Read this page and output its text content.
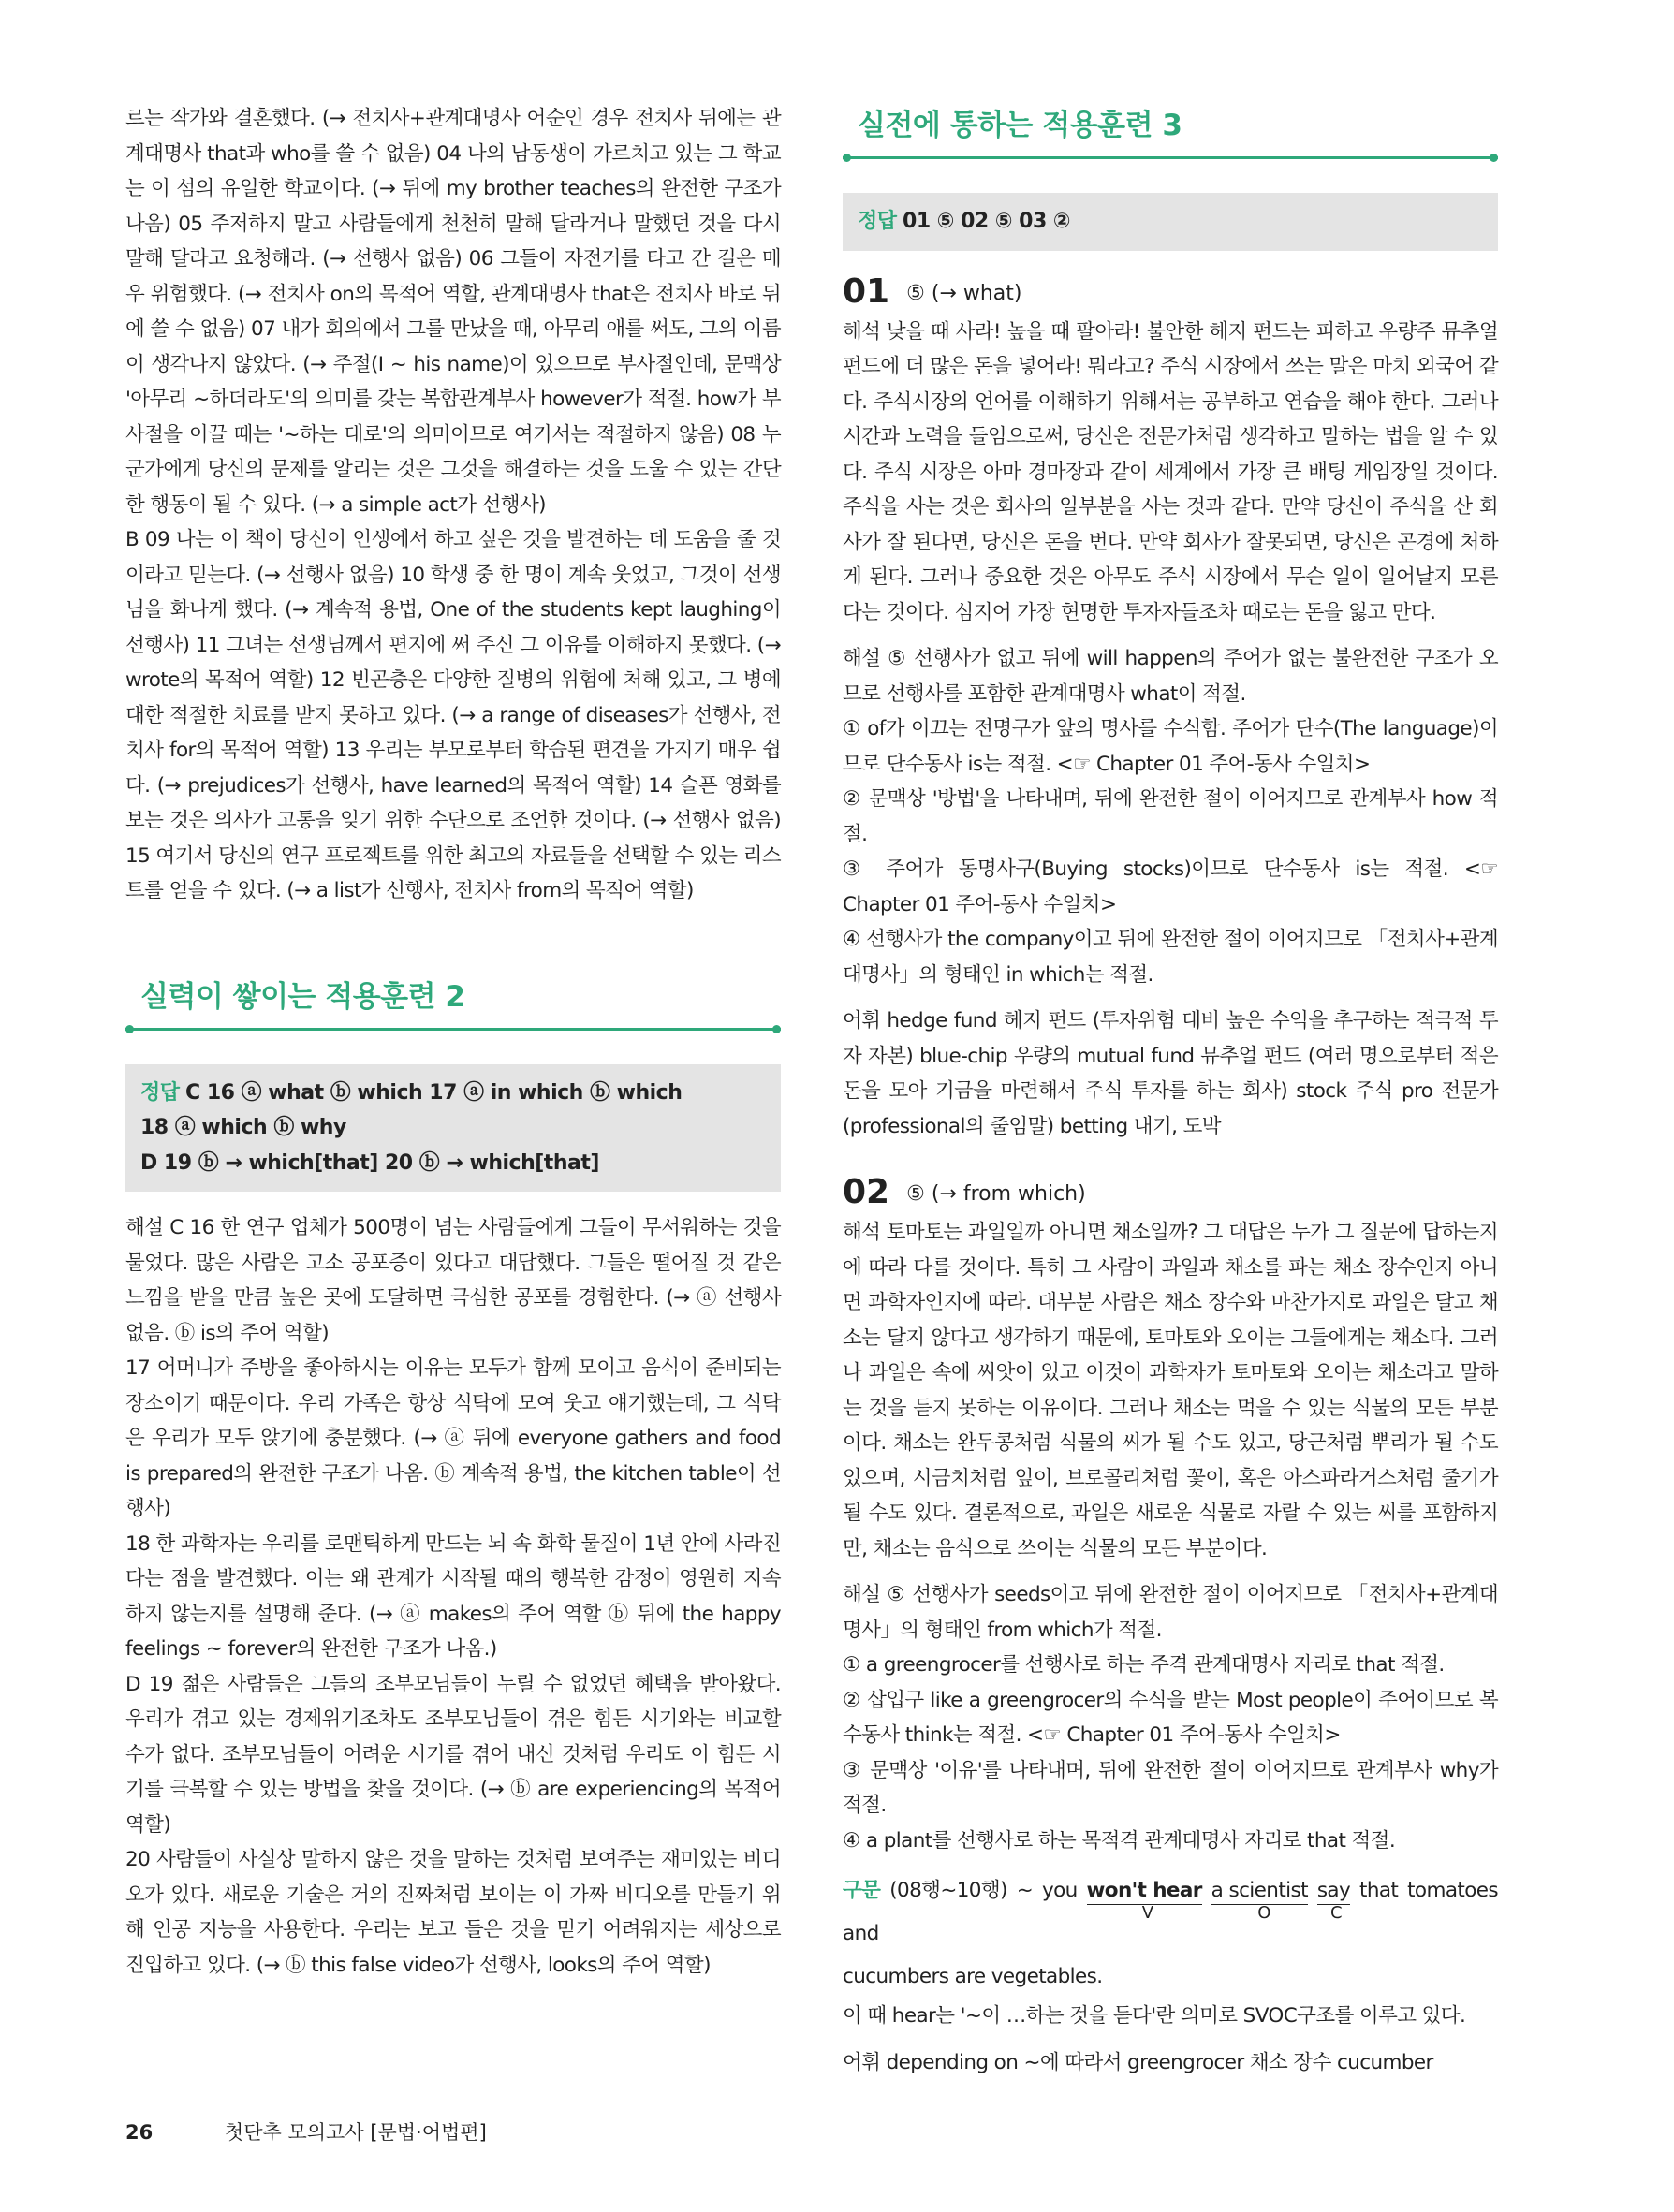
르는 작가와 결혼했다. (→ 전치사+관계대명사 어순인 경우 전치사 뒤에는 관계대명사 that과 who를 쓸 수 없음) 04 나의 남동생이 가르치고 있는 그 학교는 이 섬의 유일한 학교이다. (→ 뒤에 my brother teaches의 완전한 구조가 나옴) 05 주저하지 말고 사람들에게 천천히 말해 달라거나 말했던 것을 다시 말해 달라고 요청해라. (→ 선행사 없음) 06 그들이 자전거를 타고 간 길은 매우 위험했다. (→ 전치사 on의 목적어 역할, 관계대명사 that은 전치사 바로 뒤에 쓸 수 없음) 07 내가 회의에서 그를 만났을 때, 아무리 애를 써도, 그의 이름이 생각나지 않았다. (→ 주절(I ~ his name)이 있으므로 부사절인데, 문맥상 '아무리 ~하더라도'의 의미를 갖는 복합관계부사 however가 적절. how가 부사절을 이끌 때는 '~하는 대로'의 의미이므로 여기서는 적절하지 않음) 08 누군가에게 당신의 문제를 알리는 것은 그것을 해결하는 것을 도울 수 있는 간단한 행동이 될 수 있다. (→ a simple act가 선행사)

B 09 나는 이 책이 당신이 인생에서 하고 싶은 것을 발견하는 데 도움을 줄 것이라고 믿는다. (→ 선행사 없음) 10 학생 중 한 명이 계속 웃었고, 그것이 선생님을 화나게 했다. (→ 계속적 용법, One of the students kept laughing이 선행사) 11 그녀는 선생님께서 편지에 써 주신 그 이유를 이해하지 못했다. (→ wrote의 목적어 역할) 12 빈곤층은 다양한 질병의 위험에 처해 있고, 그 병에 대한 적절한 치료를 받지 못하고 있다. (→ a range of diseases가 선행사, 전치사 for의 목적어 역할) 13 우리는 부모로부터 학습된 편견을 가지기 매우 쉽다. (→ prejudices가 선행사, have learned의 목적어 역할) 14 슬픈 영화를 보는 것은 의사가 고통을 잊기 위한 수단으로 조언한 것이다. (→ 선행사 없음) 15 여기서 당신의 연구 프로젝트를 위한 최고의 자료들을 선택할 수 있는 리스트를 얻을 수 있다. (→ a list가 선행사, 전치사 from의 목적어 역할)

실력이 쌓이는 적용훈련 2
정답 C 16 ⓐ what ⓑ which 17 ⓐ in which ⓑ which
18 ⓐ which ⓑ why
D 19 ⓑ → which[that] 20 ⓑ → which[that]

해설 C 16 한 연구 업체가 500명이 넘는 사람들에게 그들이 무서워하는 것을 물었다. 많은 사람은 고소 공포증이 있다고 대답했다. 그들은 떨어질 것 같은 느낌을 받을 만큼 높은 곳에 도달하면 극심한 공포를 경험한다. (→ ⓐ 선행사 없음. ⓑ is의 주어 역할)

17 어머니가 주방을 좋아하시는 이유는 모두가 함께 모이고 음식이 준비되는 장소이기 때문이다. 우리 가족은 항상 식탁에 모여 웃고 얘기했는데, 그 식탁은 우리가 모두 앉기에 충분했다. (→ ⓐ 뒤에 everyone gathers and food is prepared의 완전한 구조가 나옴. ⓑ 계속적 용법, the kitchen table이 선행사)

18 한 과학자는 우리를 로맨틱하게 만드는 뇌 속 화학 물질이 1년 안에 사라진다는 점을 발견했다. 이는 왜 관계가 시작될 때의 행복한 감정이 영원히 지속하지 않는지를 설명해 준다. (→ ⓐ makes의 주어 역할 ⓑ 뒤에 the happy feelings ~ forever의 완전한 구조가 나옴.)

D 19 젊은 사람들은 그들의 조부모님들이 누릴 수 없었던 혜택을 받아왔다. 우리가 겪고 있는 경제위기조차도 조부모님들이 겪은 힘든 시기와는 비교할 수가 없다. 조부모님들이 어려운 시기를 겪어 내신 것처럼 우리도 이 힘든 시기를 극복할 수 있는 방법을 찾을 것이다. (→ ⓑ are experiencing의 목적어 역할)

20 사람들이 사실상 말하지 않은 것을 말하는 것처럼 보여주는 재미있는 비디오가 있다. 새로운 기술은 거의 진짜처럼 보이는 이 가짜 비디오를 만들기 위해 인공 지능을 사용한다. 우리는 보고 들은 것을 믿기 어려워지는 세상으로 진입하고 있다. (→ ⓑ this false video가 선행사, looks의 주어 역할)

실전에 통하는 적용훈련 3
정답 01 ⑤ 02 ⑤ 03 ②

01 ⑤ (→ what)

해석 낮을 때 사라! 높을 때 팔아라! 불안한 헤지 펀드는 피하고 우량주 뮤추얼 펀드에 더 많은 돈을 넣어라! 뭐라고? 주식 시장에서 쓰는 말은 마치 외국어 같다. 주식시장의 언어를 이해하기 위해서는 공부하고 연습을 해야 한다. 그러나 시간과 노력을 들임으로써, 당신은 전문가처럼 생각하고 말하는 법을 알 수 있다. 주식 시장은 아마 경마장과 같이 세계에서 가장 큰 배팅 게임장일 것이다. 주식을 사는 것은 회사의 일부분을 사는 것과 같다. 만약 당신이 주식을 산 회사가 잘 된다면, 당신은 돈을 번다. 만약 회사가 잘못되면, 당신은 곤경에 처하게 된다. 그러나 중요한 것은 아무도 주식 시장에서 무슨 일이 일어날지 모른다는 것이다. 심지어 가장 현명한 투자자들조차 때로는 돈을 잃고 만다.

해설 ⑤ 선행사가 없고 뒤에 will happen의 주어가 없는 불완전한 구조가 오므로 선행사를 포함한 관계대명사 what이 적절.

① of가 이끄는 전명구가 앞의 명사를 수식함. 주어가 단수(The language)이므로 단수동사 is는 적절. <☞ Chapter 01 주어-동사 수일치>

② 문맥상 '방법'을 나타내며, 뒤에 완전한 절이 이어지므로 관계부사 how 적절.

③ 주어가 동명사구(Buying stocks)이므로 단수동사 is는 적절. <☞ Chapter 01 주어-동사 수일치>

④ 선행사가 the company이고 뒤에 완전한 절이 이어지므로 「전치사+관계대명사」의 형태인 in which는 적절.

어휘 hedge fund 헤지 펀드 (투자위험 대비 높은 수익을 추구하는 적극적 투자 자본) blue-chip 우량의 mutual fund 뮤추얼 펀드 (여러 명으로부터 적은 돈을 모아 기금을 마련해서 주식 투자를 하는 회사) stock 주식 pro 전문가 (professional의 줄임말) betting 내기, 도박

02 ⑤ (→ from which)

해석 토마토는 과일일까 아니면 채소일까? 그 대답은 누가 그 질문에 답하는지에 따라 다를 것이다. 특히 그 사람이 과일과 채소를 파는 채소 장수인지 아니면 과학자인지에 따라. 대부분 사람은 채소 장수와 마찬가지로 과일은 달고 채소는 달지 않다고 생각하기 때문에, 토마토와 오이는 그들에게는 채소다. 그러나 과일은 속에 씨앗이 있고 이것이 과학자가 토마토와 오이는 채소라고 말하는 것을 듣지 못하는 이유이다. 그러나 채소는 먹을 수 있는 식물의 모든 부분이다. 채소는 완두콩처럼 식물의 씨가 될 수도 있고, 당근처럼 뿌리가 될 수도 있으며, 시금치처럼 잎이, 브로콜리처럼 꽃이, 혹은 아스파라거스처럼 줄기가 될 수도 있다. 결론적으로, 과일은 새로운 식물로 자랄 수 있는 씨를 포함하지만, 채소는 음식으로 쓰이는 식물의 모든 부분이다.

해설 ⑤ 선행사가 seeds이고 뒤에 완전한 절이 이어지므로 「전치사+관계대명사」의 형태인 from which가 적절.

① a greengrocer를 선행사로 하는 주격 관계대명사 자리로 that 적절.

② 삽입구 like a greengrocer의 수식을 받는 Most people이 주어이므로 복수동사 think는 적절. <☞ Chapter 01 주어-동사 수일치>

③ 문맥상 '이유'를 나타내며, 뒤에 완전한 절이 이어지므로 관계부사 why가 적절.

④ a plant를 선행사로 하는 목적격 관계대명사 자리로 that 적절.

구문 (08행~10행) ~ you won't hear
V
a scientist
O
say
C
that tomatoes and
cucumbers are vegetables.

이 때 hear는 '~이 …하는 것을 듣다'란 의미로 SVOC구조를 이루고 있다.

어휘 depending on ~에 따라서 greengrocer 채소 장수 cucumber

26	첫단추 모의고사 [문법·어법편]
